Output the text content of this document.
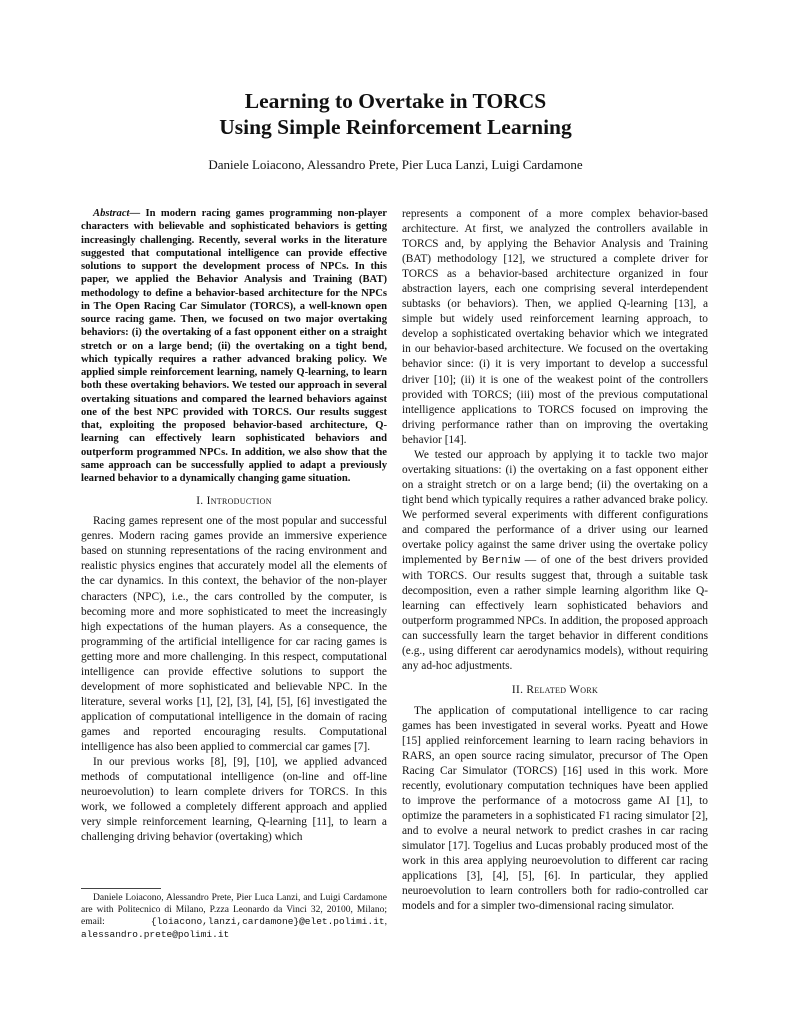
Learning to Overtake in TORCS
Using Simple Reinforcement Learning
Daniele Loiacono, Alessandro Prete, Pier Luca Lanzi, Luigi Cardamone

Abstract— In modern racing games programming non-player characters with believable and sophisticated behaviors is getting increasingly challenging. Recently, several works in the literature suggested that computational intelligence can provide effective solutions to support the development process of NPCs. In this paper, we applied the Behavior Analysis and Training (BAT) methodology to define a behavior-based architecture for the NPCs in The Open Racing Car Simulator (TORCS), a well-known open source racing game. Then, we focused on two major overtaking behaviors: (i) the overtaking of a fast opponent either on a straight stretch or on a large bend; (ii) the overtaking on a tight bend, which typically requires a rather advanced braking policy. We applied simple reinforcement learning, namely Q-learning, to learn both these overtaking behaviors. We tested our approach in several overtaking situations and compared the learned behaviors against one of the best NPC provided with TORCS. Our results suggest that, exploiting the proposed behavior-based architecture, Q-learning can effectively learn sophisticated behaviors and outperform programmed NPCs. In addition, we also show that the same approach can be successfully applied to adapt a previously learned behavior to a dynamically changing game situation.

I. Introduction

Racing games represent one of the most popular and successful genres. Modern racing games provide an immersive experience based on stunning representations of the racing environment and realistic physics engines that accurately model all the elements of the car dynamics. In this context, the behavior of the non-player characters (NPC), i.e., the cars controlled by the computer, is becoming more and more sophisticated to meet the increasingly high expectations of the human players. As a consequence, the programming of the artificial intelligence for car racing games is getting more and more challenging. In this respect, computational intelligence can provide effective solutions to support the development of more sophisticated and believable NPC. In the literature, several works [1], [2], [3], [4], [5], [6] investigated the application of computational intelligence in the domain of racing games and reported encouraging results. Computational intelligence has also been applied to commercial car games [7].

In our previous works [8], [9], [10], we applied advanced methods of computational intelligence (on-line and off-line neuroevolution) to learn complete drivers for TORCS. In this work, we followed a completely different approach and applied very simple reinforcement learning, Q-learning [11], to learn a challenging driving behavior (overtaking) which

represents a component of a more complex behavior-based architecture. At first, we analyzed the controllers available in TORCS and, by applying the Behavior Analysis and Training (BAT) methodology [12], we structured a complete driver for TORCS as a behavior-based architecture organized in four abstraction layers, each one comprising several interdependent subtasks (or behaviors). Then, we applied Q-learning [13], a simple but widely used reinforcement learning approach, to develop a sophisticated overtaking behavior which we integrated in our behavior-based architecture. We focused on the overtaking behavior since: (i) it is very important to develop a successful driver [10]; (ii) it is one of the weakest point of the controllers provided with TORCS; (iii) most of the previous computational intelligence applications to TORCS focused on improving the driving performance rather than on improving the overtaking behavior [14].

We tested our approach by applying it to tackle two major overtaking situations: (i) the overtaking on a fast opponent either on a straight stretch or on a large bend; (ii) the overtaking on a tight bend which typically requires a rather advanced brake policy. We performed several experiments with different configurations and compared the performance of a driver using our learned overtake policy against the same driver using the overtake policy implemented by Berniw — of one of the best drivers provided with TORCS. Our results suggest that, through a suitable task decomposition, even a rather simple learning algorithm like Q-learning can effectively learn sophisticated behaviors and outperform programmed NPCs. In addition, the proposed approach can successfully learn the target behavior in different conditions (e.g., using different car aerodynamics models), without requiring any ad-hoc adjustments.

II. Related Work

The application of computational intelligence to car racing games has been investigated in several works. Pyeatt and Howe [15] applied reinforcement learning to learn racing behaviors in RARS, an open source racing simulator, precursor of The Open Racing Car Simulator (TORCS) [16] used in this work. More recently, evolutionary computation techniques have been applied to improve the performance of a motocross game AI [1], to optimize the parameters in a sophisticated F1 racing simulator [2], and to evolve a neural network to predict crashes in car racing simulator [17]. Togelius and Lucas probably produced most of the work in this area applying neuroevolution to different car racing applications [3], [4], [5], [6]. In particular, they applied neuroevolution to learn controllers both for radio-controlled car models and for a simpler two-dimensional racing simulator.

Daniele Loiacono, Alessandro Prete, Pier Luca Lanzi, and Luigi Cardamone are with Politecnico di Milano, P.zza Leonardo da Vinci 32, 20100, Milano; email: {loiacono,lanzi,cardamone}@elet.polimi.it, alessandro.prete@polimi.it
